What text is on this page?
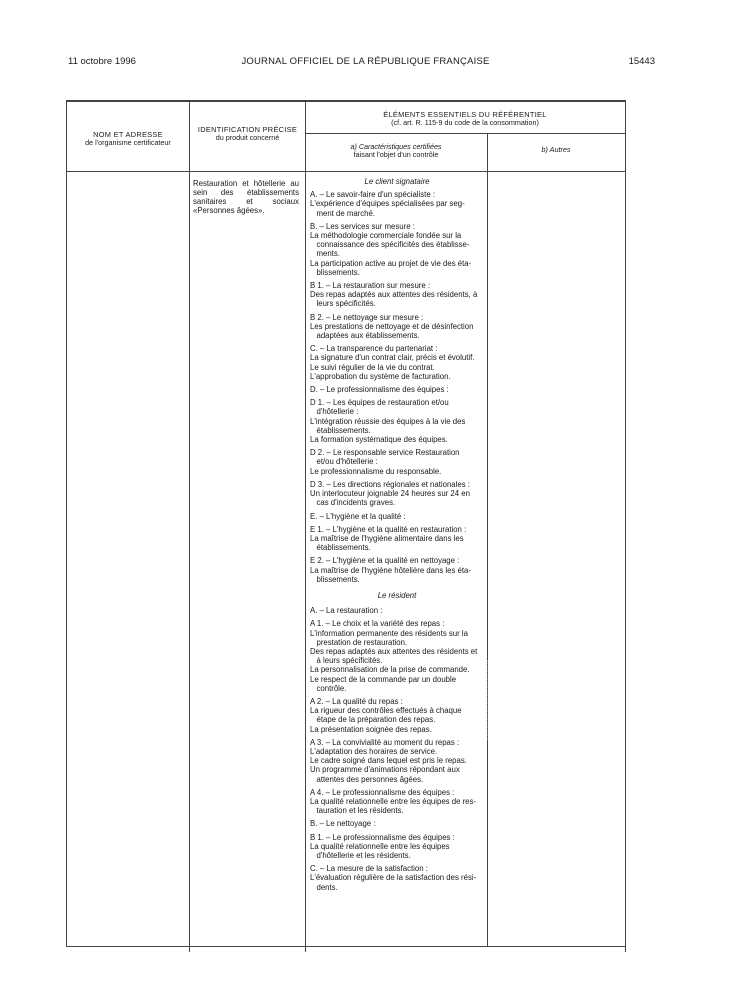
11 octobre 1996	JOURNAL OFFICIEL DE LA RÉPUBLIQUE FRANÇAISE	15443
NOM ET ADRESSE
de l'organisme certificateur
IDENTIFICATION PRÉCISE
du produit concerné
ÉLÉMENTS ESSENTIELS DU RÉFÉRENTIEL
(cf. art. R. 115-9 du code de la consommation)
a) Caractéristiques certifiées
faisant l'objet d'un contrôle
b) Autres
Restauration et hôtellerie au sein des établissements sanitaires et sociaux «Personnes âgées».
Le client signataire
A. – Le savoir-faire d'un spécialiste :
L'expérience d'équipes spécialisées par seg-
ment de marché.
B. – Les services sur mesure :
La méthodologie commerciale fondée sur la
connaissance des spécificités des établisse-
ments.
La participation active au projet de vie des éta-
blissements.
B 1. – La restauration sur mesure :
Des repas adaptés aux attentes des résidents, à
leurs spécificités.
B 2. – Le nettoyage sur mesure :
Les prestations de nettoyage et de désinfection
adaptées aux établissements.
C. – La transparence du partenariat :
La signature d'un contrat clair, précis et évolutif.
Le suivi régulier de la vie du contrat.
L'approbation du système de facturation.
D. – Le professionnalisme des équipes :
D 1. – Les équipes de restauration et/ou
d'hôtellerie :
L'intégration réussie des équipes à la vie des
établissements.
La formation systématique des équipes.
D 2. – Le responsable service Restauration
et/ou d'hôtellerie :
Le professionnalisme du responsable.
D 3. – Les directions régionales et nationales :
Un interlocuteur joignable 24 heures sur 24 en
cas d'incidents graves.
E. – L'hygiène et la qualité :
E 1. – L'hygiène et la qualité en restauration :
La maîtrise de l'hygiène alimentaire dans les
établissements.
E 2. – L'hygiène et la qualité en nettoyage :
La maîtrise de l'hygiène hôtelière dans les éta-
blissements.
Le résident
A. – La restauration :
A 1. – Le choix et la variété des repas :
L'information permanente des résidents sur la
prestation de restauration.
Des repas adaptés aux attentes des résidents et
à leurs spécificités.
La personnalisation de la prise de commande.
Le respect de la commande par un double
contrôle.
A 2. – La qualité du repas :
La rigueur des contrôles effectués à chaque
étape de la préparation des repas.
La présentation soignée des repas.
A 3. – La convivialité au moment du repas :
L'adaptation des horaires de service.
Le cadre soigné dans lequel est pris le repas.
Un programme d'animations répondant aux
attentes des personnes âgées.
A 4. – Le professionnalisme des équipes :
La qualité relationnelle entre les équipes de res-
tauration et les résidents.
B. – Le nettoyage :
B 1. – Le professionnalisme des équipes :
La qualité relationnelle entre les équipes
d'hôtellerie et les résidents.
C. – La mesure de la satisfaction :
L'évaluation régulière de la satisfaction des rési-
dents.
